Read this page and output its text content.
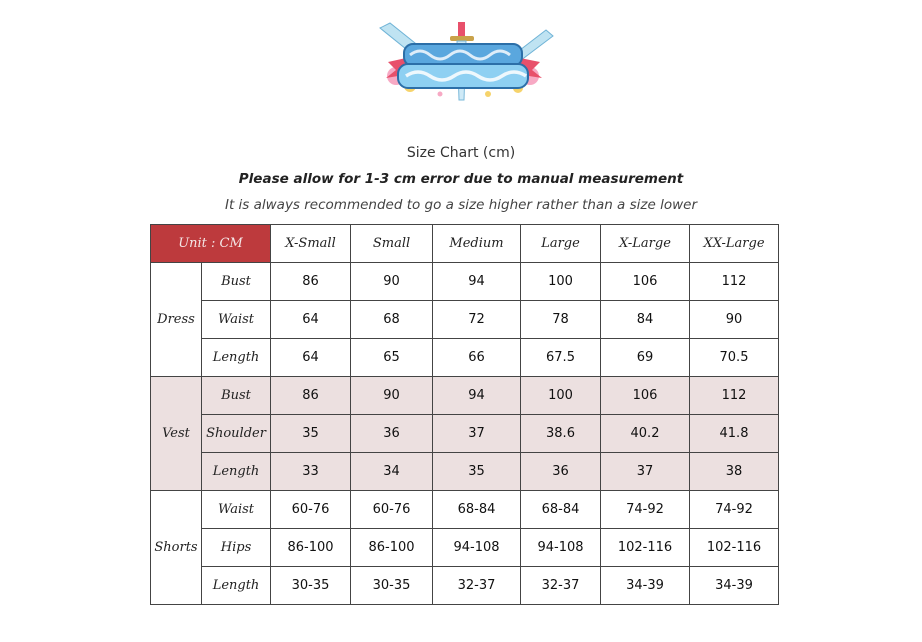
Size Chart (cm)
Please allow for 1-3 cm error due to manual measurement
It is always recommended to go a size higher rather than a size lower
Unit : CM		X-Small	Small	Medium	Large	X-Large	XX-Large
Dress	Bust	86	90	94	100	106	112
	Waist	64	68	72	78	84	90
	Length	64	65	66	67.5	69	70.5
Vest	Bust	86	90	94	100	106	112
	Shoulder	35	36	37	38.6	40.2	41.8
	Length	33	34	35	36	37	38
Shorts	Waist	60-76	60-76	68-84	68-84	74-92	74-92
	Hips	86-100	86-100	94-108	94-108	102-116	102-116
	Length	30-35	30-35	32-37	32-37	34-39	34-39
